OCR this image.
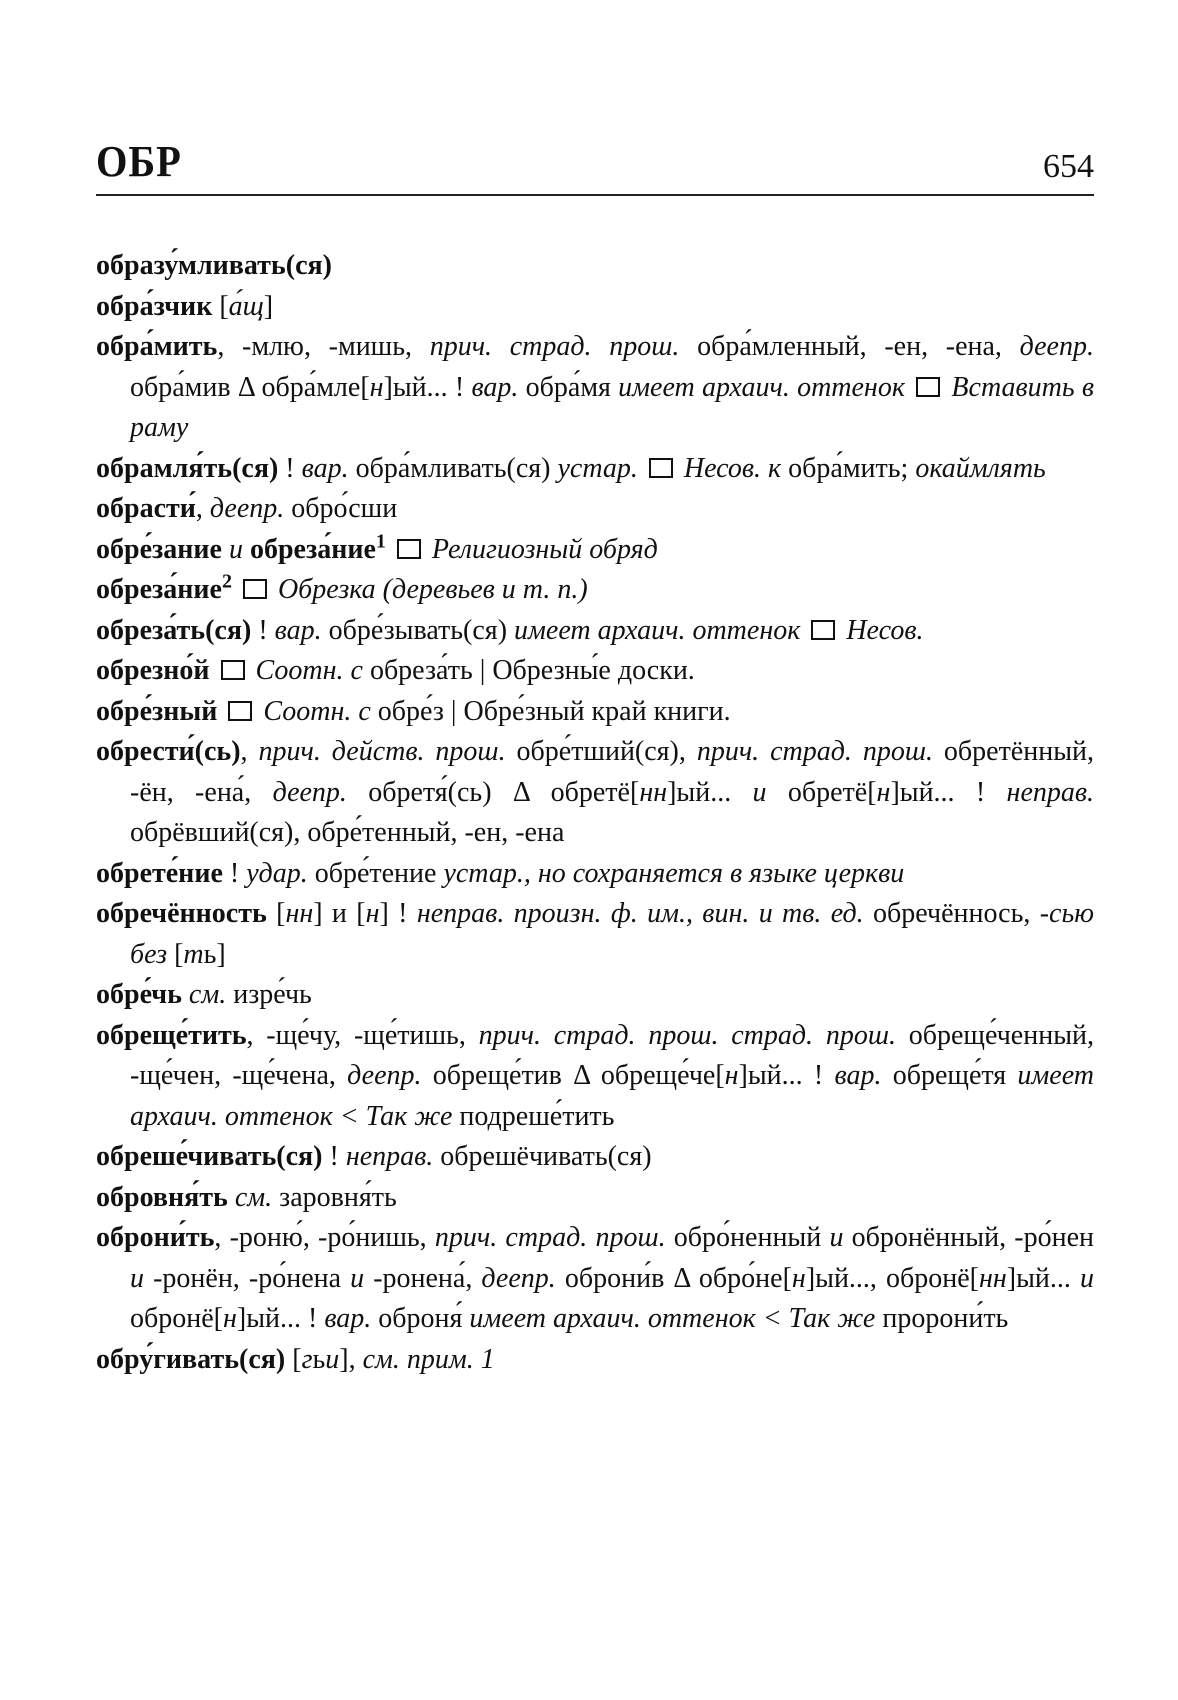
ОБР	654

образу́мливать(ся)

обра́зчик [а́щ]

обра́мить, -млю, -мишь, прич. страд. прош. обра́мленный, -ен, -ена, деепр. обра́мив Δ обра́мле[н]ый... ! вар. обра́мя имеет архаич. оттенок Вставить в раму

обрамля́ть(ся) ! вар. обра́мливать(ся) устар. Несов. к обра́мить; окаймлять

обрасти́, деепр. обро́сши

обре́зание и обреза́ние$^1$ Религиозный обряд

обреза́ние$^2$ Обрезка (деревьев и т. п.)

обреза́ть(ся) ! вар. обре́зывать(ся) имеет архаич. оттенок Несов.

обрезно́й Соотн. с обреза́ть | Обрезны́е доски.

обре́зный Соотн. с обре́з | Обре́зный край книги.

обрести́(сь), прич. действ. прош. обре́тший(ся), прич. страд. прош. обретённый, -ён, -ена́, деепр. обретя́(сь) Δ обретё[нн]ый... и обретё[н]ый... ! неправ. обрёвший(ся), обре́тенный, -ен, -ена

обрете́ние ! удар. обре́тение устар., но сохраняется в языке церкви

обречённость [нн] и [н] ! неправ. произн. ф. им., вин. и тв. ед. обречённось, -сью без [ть]

обре́чь см. изре́чь

обреще́тить, -ще́чу, -ще́тишь, прич. страд. прош. страд. прош. обреще́ченный, -ще́чен, -ще́чена, деепр. обреще́тив Δ обреще́че[н]ый... ! вар. обреще́тя имеет архаич. оттенок < Так же подреше́тить

обреше́чивать(ся) ! неправ. обрешёчивать(ся)

обровня́ть см. заровня́ть

оброни́ть, -роню́, -ро́нишь, прич. страд. прош. обро́ненный и обронённый, -ро́нен и -ронён, -ро́нена и -ронена́, деепр. оброни́в Δ обро́не[н]ый..., обронё[нн]ый... и обронё[н]ый... ! вар. оброня́ имеет архаич. оттенок < Так же пророни́ть

обру́гивать(ся) [гьи], см. прим. 1
